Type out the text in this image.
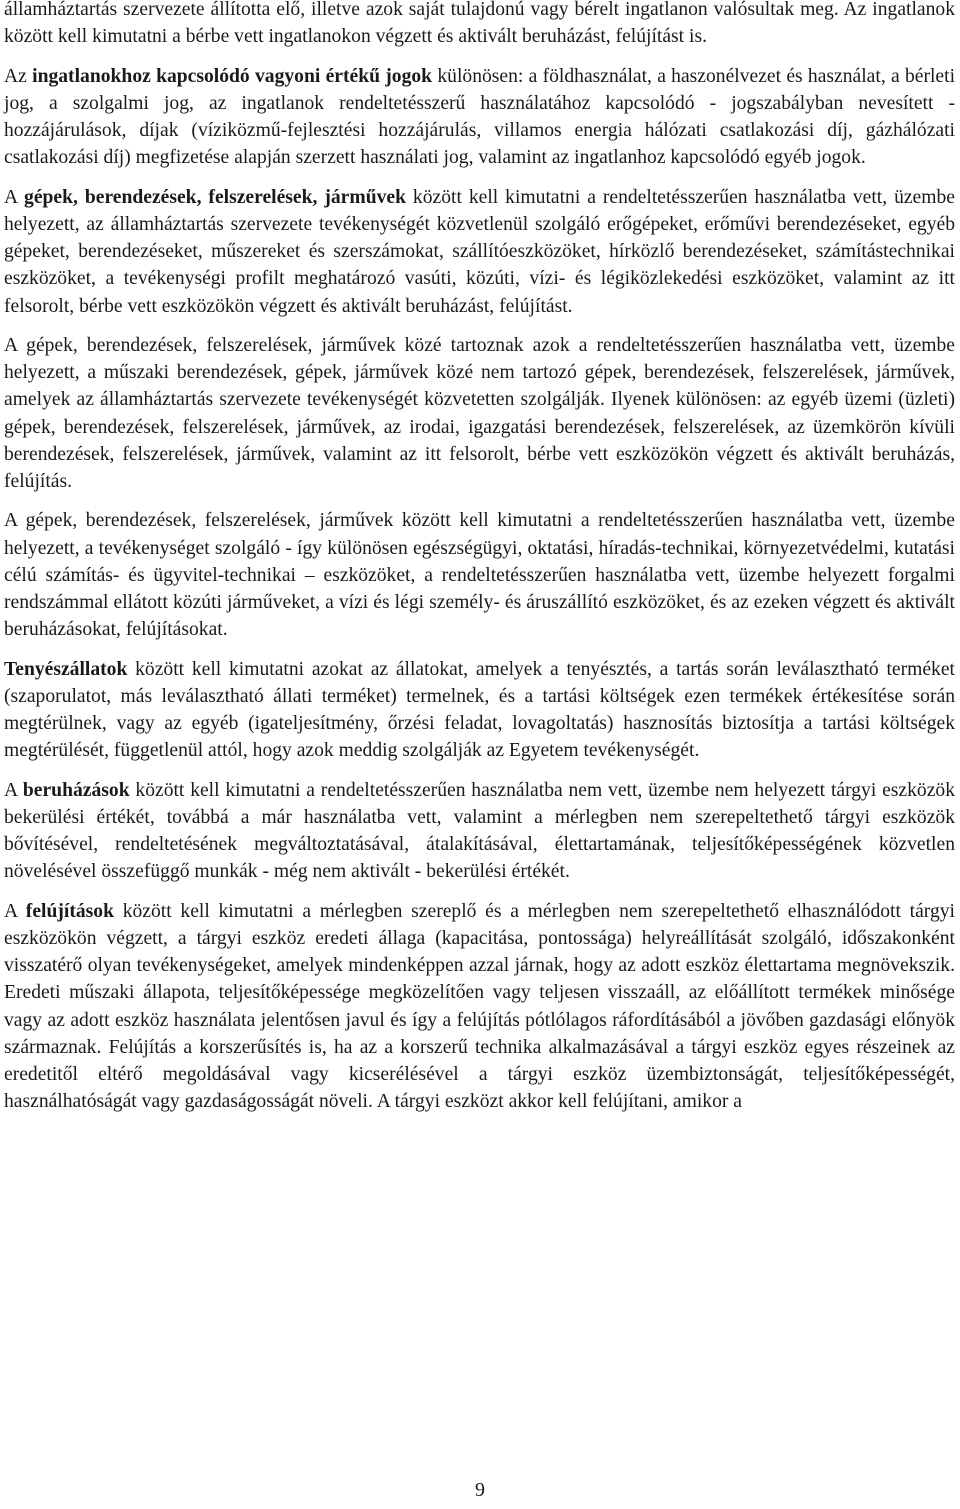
államháztartás szervezete állította elő, illetve azok saját tulajdonú vagy bérelt ingatlanon valósultak meg. Az ingatlanok között kell kimutatni a bérbe vett ingatlanokon végzett és aktivált beruházást, felújítást is.

Az ingatlanokhoz kapcsolódó vagyoni értékű jogok különösen: a földhasználat, a haszonélvezet és használat, a bérleti jog, a szolgalmi jog, az ingatlanok rendeltetésszerű használatához kapcsolódó - jogszabályban nevesített - hozzájárulások, díjak (víziközmű-fejlesztési hozzájárulás, villamos energia hálózati csatlakozási díj, gázhálózati csatlakozási díj) megfizetése alapján szerzett használati jog, valamint az ingatlanhoz kapcsolódó egyéb jogok.

A gépek, berendezések, felszerelések, járművek között kell kimutatni a rendeltetésszerűen használatba vett, üzembe helyezett, az államháztartás szervezete tevékenységét közvetlenül szolgáló erőgépeket, erőművi berendezéseket, egyéb gépeket, berendezéseket, műszereket és szerszámokat, szállítóeszközöket, hírközlő berendezéseket, számítástechnikai eszközöket, a tevékenységi profilt meghatározó vasúti, közúti, vízi- és légiközlekedési eszközöket, valamint az itt felsorolt, bérbe vett eszközökön végzett és aktivált beruházást, felújítást.

A gépek, berendezések, felszerelések, járművek közé tartoznak azok a rendeltetésszerűen használatba vett, üzembe helyezett, a műszaki berendezések, gépek, járművek közé nem tartozó gépek, berendezések, felszerelések, járművek, amelyek az államháztartás szervezete tevékenységét közvetetten szolgálják. Ilyenek különösen: az egyéb üzemi (üzleti) gépek, berendezések, felszerelések, járművek, az irodai, igazgatási berendezések, felszerelések, az üzemkörön kívüli berendezések, felszerelések, járművek, valamint az itt felsorolt, bérbe vett eszközökön végzett és aktivált beruházás, felújítás.

A gépek, berendezések, felszerelések, járművek között kell kimutatni a rendeltetésszerűen használatba vett, üzembe helyezett, a tevékenységet szolgáló - így különösen egészségügyi, oktatási, híradás-technikai, környezetvédelmi, kutatási célú számítás- és ügyvitel-technikai – eszközöket, a rendeltetésszerűen használatba vett, üzembe helyezett forgalmi rendszámmal ellátott közúti járműveket, a vízi és légi személy- és áruszállító eszközöket, és az ezeken végzett és aktivált beruházásokat, felújításokat.

Tenyészállatok között kell kimutatni azokat az állatokat, amelyek a tenyésztés, a tartás során leválasztható terméket (szaporulatot, más leválasztható állati terméket) termelnek, és a tartási költségek ezen termékek értékesítése során megtérülnek, vagy az egyéb (igateljesítmény, őrzési feladat, lovagoltatás) hasznosítás biztosítja a tartási költségek megtérülését, függetlenül attól, hogy azok meddig szolgálják az Egyetem tevékenységét.

A beruházások között kell kimutatni a rendeltetésszerűen használatba nem vett, üzembe nem helyezett tárgyi eszközök bekerülési értékét, továbbá a már használatba vett, valamint a mérlegben nem szerepeltethető tárgyi eszközök bővítésével, rendeltetésének megváltoztatásával, átalakításával, élettartamának, teljesítőképességének közvetlen növelésével összefüggő munkák - még nem aktivált - bekerülési értékét.

A felújítások között kell kimutatni a mérlegben szereplő és a mérlegben nem szerepeltethető elhasználódott tárgyi eszközökön végzett, a tárgyi eszköz eredeti állaga (kapacitása, pontossága) helyreállítását szolgáló, időszakonként visszatérő olyan tevékenységeket, amelyek mindenképpen azzal járnak, hogy az adott eszköz élettartama megnövekszik. Eredeti műszaki állapota, teljesítőképessége megközelítően vagy teljesen visszaáll, az előállított termékek minősége vagy az adott eszköz használata jelentősen javul és így a felújítás pótlólagos ráfordításából a jövőben gazdasági előnyök származnak. Felújítás a korszerűsítés is, ha az a korszerű technika alkalmazásával a tárgyi eszköz egyes részeinek az eredetitől eltérő megoldásával vagy kicserélésével a tárgyi eszköz üzembiztonságát, teljesítőképességét, használhatóságát vagy gazdaságosságát növeli. A tárgyi eszközt akkor kell felújítani, amikor a

9
